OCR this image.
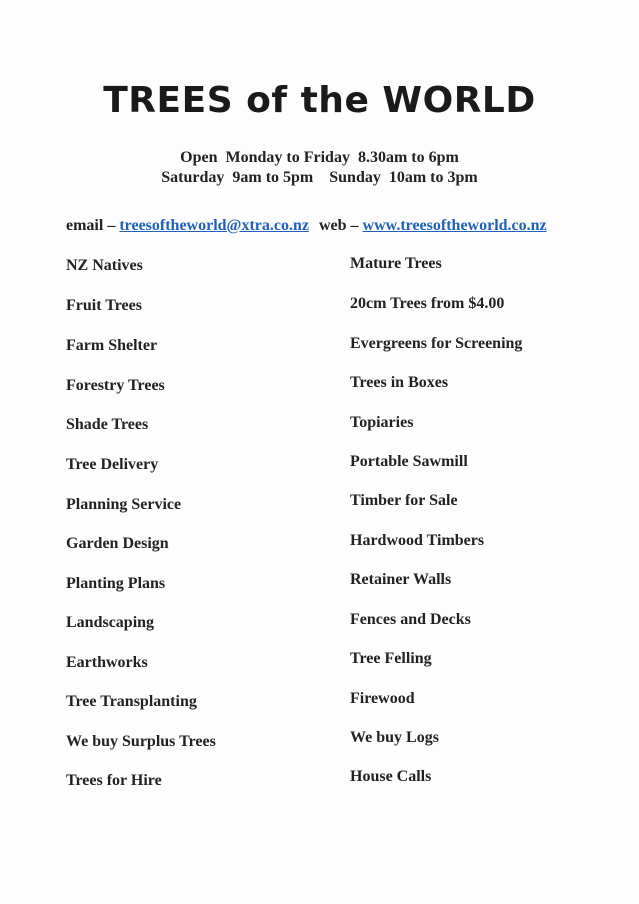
TREES of the WORLD
Open  Monday to Friday  8.30am to 6pm
Saturday  9am to 5pm    Sunday  10am to 3pm
email – treesoftheworld@xtra.co.nz web – www.treesoftheworld.co.nz
NZ Natives
Fruit Trees
Farm Shelter
Forestry Trees
Shade Trees
Tree Delivery
Planning Service
Garden Design
Planting Plans
Landscaping
Earthworks
Tree Transplanting
We buy Surplus Trees
Trees for Hire
Mature Trees
20cm Trees from $4.00
Evergreens for Screening
Trees in Boxes
Topiaries
Portable Sawmill
Timber for Sale
Hardwood Timbers
Retainer Walls
Fences and Decks
Tree Felling
Firewood
We buy Logs
House Calls
